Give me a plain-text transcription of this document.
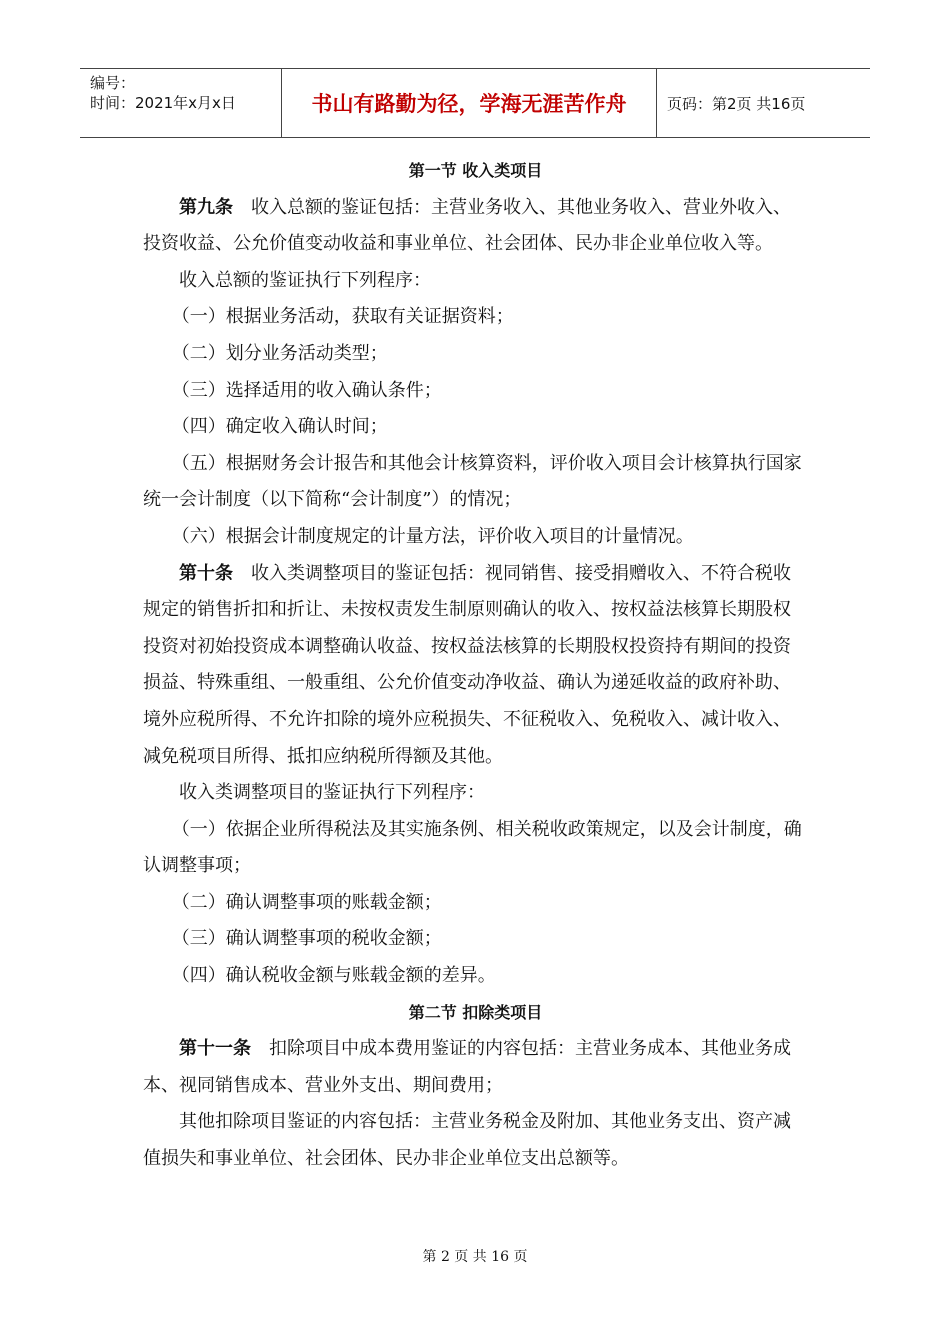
编号：
时间：2021年x月x日	书山有路勤为径，学海无涯苦作舟	页码：第2页 共16页

第一节 收入类项目

第九条  收入总额的鉴证包括：主营业务收入、其他业务收入、营业外收入、投资收益、公允价值变动收益和事业单位、社会团体、民办非企业单位收入等。

收入总额的鉴证执行下列程序：

（一）根据业务活动，获取有关证据资料；

（二）划分业务活动类型；

（三）选择适用的收入确认条件；

（四）确定收入确认时间；

（五）根据财务会计报告和其他会计核算资料，评价收入项目会计核算执行国家统一会计制度（以下简称“会计制度”）的情况；

（六）根据会计制度规定的计量方法，评价收入项目的计量情况。

第十条  收入类调整项目的鉴证包括：视同销售、接受捐赠收入、不符合税收规定的销售折扣和折让、未按权责发生制原则确认的收入、按权益法核算长期股权投资对初始投资成本调整确认收益、按权益法核算的长期股权投资持有期间的投资损益、特殊重组、一般重组、公允价值变动净收益、确认为递延收益的政府补助、境外应税所得、不允许扣除的境外应税损失、不征税收入、免税收入、减计收入、减免税项目所得、抵扣应纳税所得额及其他。

收入类调整项目的鉴证执行下列程序：

（一）依据企业所得税法及其实施条例、相关税收政策规定，以及会计制度，确认调整事项；

（二）确认调整事项的账载金额；

（三）确认调整事项的税收金额；

（四）确认税收金额与账载金额的差异。

第二节 扣除类项目

第十一条  扣除项目中成本费用鉴证的内容包括：主营业务成本、其他业务成本、视同销售成本、营业外支出、期间费用；

其他扣除项目鉴证的内容包括：主营业务税金及附加、其他业务支出、资产减值损失和事业单位、社会团体、民办非企业单位支出总额等。

第 2 页 共 16 页
